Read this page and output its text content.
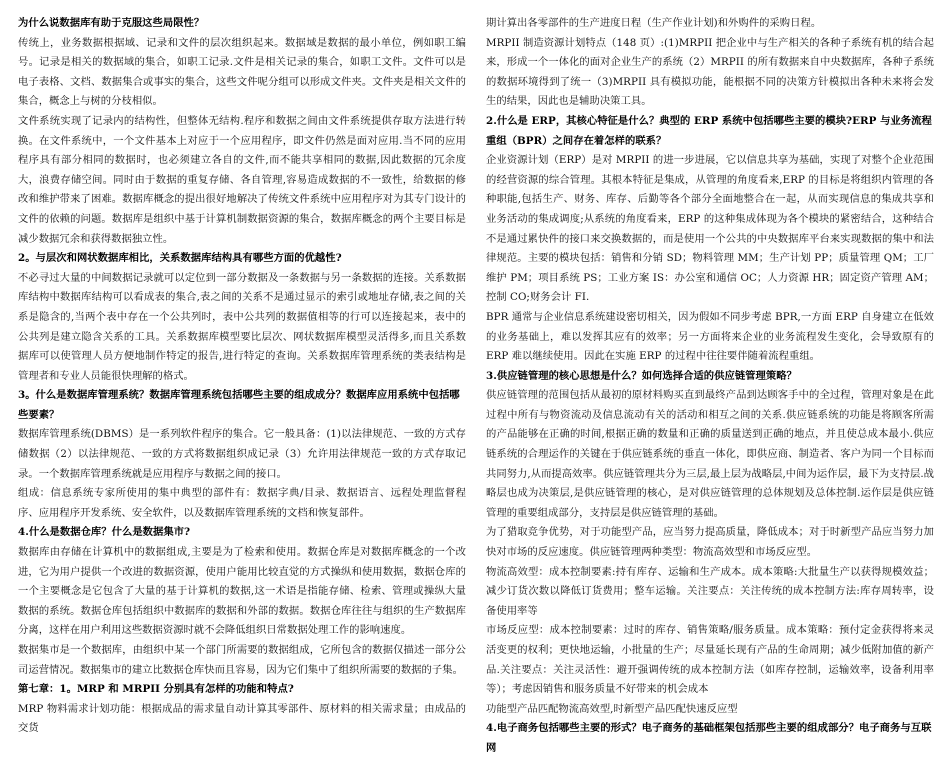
为什么说数据库有助于克服这些局限性？

传统上，业务数据根据域、记录和文件的层次组织起来。数据域是数据的最小单位，例如职工编号。记录是相关的数据域的集合，如职工记录.文件是相关记录的集合，如职工文件。文件可以是电子表格、文档、数据集合或事实的集合，这些文件呢分组可以形成文件夹。文件夹是相关文件的集合，概念上与树的分枝相似。

文件系统实现了记录内的结构性，但整体无结构.程序和数据之间由文件系统提供存取方法进行转换。在文件系统中，一个文件基本上对应于一个应用程序，即文件仍然是面对应用.当不同的应用程序具有部分相同的数据时，也必须建立各自的文件,而不能共享相同的数据,因此数据的冗余度大，浪费存储空间。同时由于数据的重复存储、各自管理,容易造成数据的不一致性，给数据的修改和维护带来了困难。数据库概念的提出很好地解决了传统文件系统中应用程序对为其专门设计的文件的依赖的问题。数据库是组织中基于计算机制数据资源的集合，数据库概念的两个主要目标是减少数据冗余和获得数据独立性。

2。与层次和网状数据库相比，关系数据库结构具有哪些方面的优越性?

不必寻过大量的中间数据记录就可以定位到一部分数据及一条数据与另一条数据的连接。关系数据库结构中数据库结构可以看成表的集合,表之间的关系不是通过显示的索引或地址存储,表之间的关系是隐含的,当两个表中存在一个公共列时，表中公共列的数据值相等的行可以连接起来，表中的公共列是建立隐含关系的工具。关系数据库模型要比层次、网状数据库模型灵活得多,而且关系数据库可以使管理人员方便地制作特定的报告,进行特定的查询。关系数据库管理系统的类表结构是管理者和专业人员能很快理解的格式。

3。什么是数据库管理系统？数据库管理系统包括哪些主要的组成成分？数据库应用系统中包括哪些要素？

数据库管理系统(DBMS）是一系列软件程序的集合。它一般具备：(1)以法律规范、一致的方式存储数据（2）以法律规范、一致的方式将数据组织成记录（3）允许用法律规范一致的方式存取记录。一个数据库管理系统就是应用程序与数据之间的接口。

组成：信息系统专家所使用的集中典型的部件有：数据字典/目录、数据语言、远程处理监督程序、应用程序开发系统、安全软件，以及数据库管理系统的文档和恢复部件。

4.什么是数据仓库？什么是数据集市?

数据库由存储在计算机中的数据组成,主要是为了检索和使用。数据仓库是对数据库概念的一个改进，它为用户提供一个改进的数据资源，使用户能用比较直觉的方式操纵和使用数据，数据仓库的一个主要概念是它包含了大量的基于计算机的数据,这一术语是指能存储、检索、管理或操纵大量数据的系统。数据仓库包括组织中数据库的数据和外部的数据。数据仓库往往与组织的生产数据库分离，这样在用户利用这些数据资源时就不会降低组织日常数据处理工作的影响速度。

数据集市是一个数据库，由组织中某一个部门所需要的数据组成，它所包含的数据仅描述一部分公司运营情况。数据集市的建立比数据仓库快而且容易，因为它们集中了组织所需要的数据的子集。

第七章：1。MRP 和 MRPII 分别具有怎样的功能和特点?

MRP 物料需求计划功能：根据成品的需求量自动计算其零部件、原材料的相关需求量；由成品的交货

期计算出各零部件的生产进度日程（生产作业计划)和外购件的采购日程。

MRPII 制造资源计划特点（148 页）:(1)MRPII 把企业中与生产相关的各种子系统有机的结合起来，形成一个一体化的面对企业生产的系统（2）MRPII 的所有数据来自中央数据库，各种子系统的数据环境得到了统一（3)MRPII 具有模拟功能，能根据不同的决策方针模拟出各种未来将会发生的结果，因此也是辅助决策工具。

2.什么是 ERP，其核心特征是什么？典型的 ERP 系统中包括哪些主要的模块?ERP 与业务流程重组（BPR）之间存在着怎样的联系？

企业资源计划（ERP）是对 MRPII 的进一步进展，它以信息共享为基础，实现了对整个企业范围的经营资源的综合管理。其根本特征是集成，从管理的角度看来,ERP 的目标是将组织内管理的各种职能,包括生产、财务、库存、后勤等各个部分全面地整合在一起，从而实现信息的集成共享和业务活动的集成调度;从系统的角度看来，ERP 的这种集成体现为各个模块的紧密结合，这种结合不是通过累快件的接口来交换数据的，而是使用一个公共的中央数据库平台来实现数据的集中和法律规范。主要的模块包括：销售和分销 SD；物料管理 MM；生产计划 PP；质量管理 QM；工厂维护 PM；项目系统 PS；工业方案 IS：办公室和通信 OC；人力资源 HR；固定资产管理 AM；控制 CO;财务会计 FI.

BPR 通常与企业信息系统建设密切相关，因为假如不同步考虑 BPR,一方面 ERP 自身建立在低效的业务基础上，难以发挥其应有的效率；另一方面将来企业的业务流程发生变化，会导致原有的 ERP 难以继续使用。因此在实施 ERP 的过程中往往要伴随着流程重组。

3.供应链管理的核心思想是什么？如何选择合适的供应链管理策略？

供应链管理的范围包括从最初的原材料购买直到最终产品到达顾客手中的全过程，管理对象是在此过程中所有与物资流动及信息流动有关的活动和相互之间的关系.供应链系统的功能是将顾客所需的产品能够在正确的时间,根据正确的数量和正确的质量送到正确的地点，并且使总成本最小.供应链系统的合理运作的关键在于供应链系统的垂直一体化，即供应商、制造者、客户为同一个目标而共同努力,从而提高效率。供应链管理共分为三层,最上层为战略层,中间为运作层，最下为支持层.战略层也成为决策层,是供应链管理的核心，是对供应链管理的总体规划及总体控制.运作层是供应链管理的重要组成部分，支持层是供应链管理的基础。

为了猎取竞争优势，对于功能型产品，应当努力提高质量，降低成本；对于时新型产品应当努力加快对市场的反应速度。供应链管理两种类型：物流高效型和市场反应型。

物流高效型：成本控制要素:持有库存、运输和生产成本。成本策略:大批量生产以获得规模效益；减少订货次数以降低订货费用；整车运输。关注要点：关注传统的成本控制方法:库存周转率，设备使用率等

市场反应型：成本控制要素：过时的库存、销售策略/服务质量。成本策略：预付定金获得将来灵活变更的权利；更快地运输，小批量的生产；尽量延长现有产品的生命周期；减少低附加值的新产品.关注要点：关注灵活性：避开强调传统的成本控制方法（如库存控制，运输效率，设备利用率等）；考虑因销售和服务质量不好带来的机会成本

功能型产品匹配物流高效型,时新型产品匹配快速反应型

4.电子商务包括哪些主要的形式？电子商务的基础框架包括那些主要的组成部分？电子商务与互联网
